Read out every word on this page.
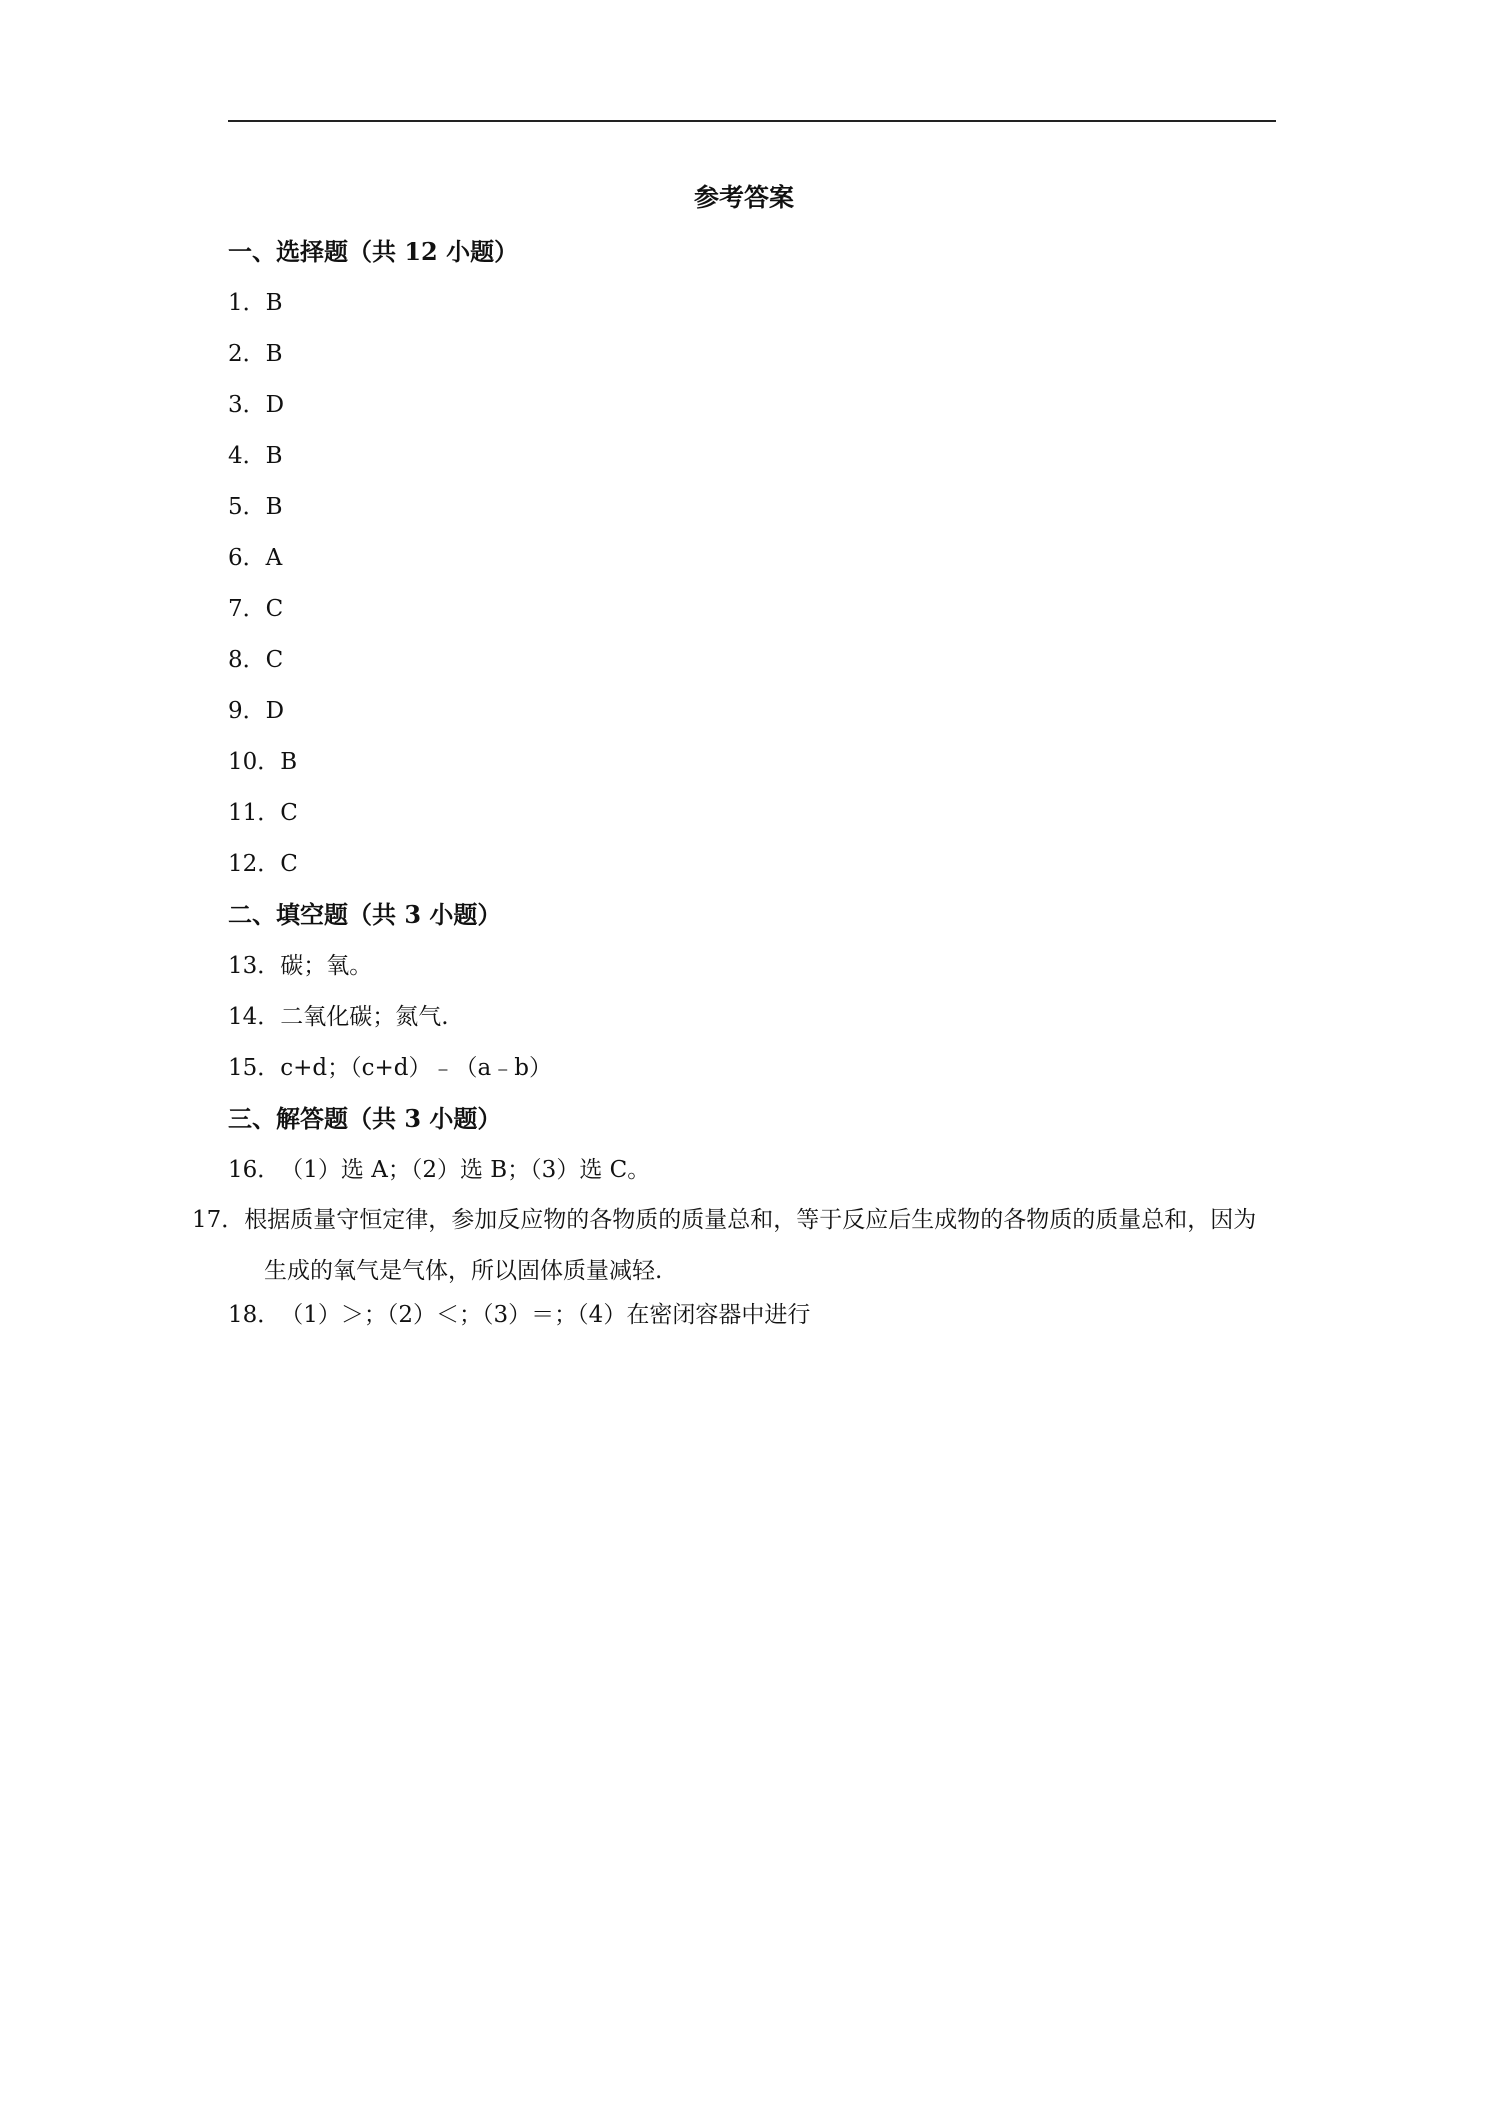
参考答案
一、选择题（共 12 小题）
1．B
2．B
3．D
4．B
5．B
6．A
7．C
8．C
9．D
10．B
11．C
12．C
二、填空题（共 3 小题）
13．碳；氧。
14．二氧化碳；氮气.
15．c+d；（c+d）﹣（a﹣b）
三、解答题（共 3 小题）
16．（1）选 A；（2）选 B；（3）选 C。
17．根据质量守恒定律，参加反应物的各物质的质量总和，等于反应后生成物的各物质的质量总和，因为生成的氧气是气体，所以固体质量减轻.
18．（1）＞；（2）＜；（3）＝；（4）在密闭容器中进行
